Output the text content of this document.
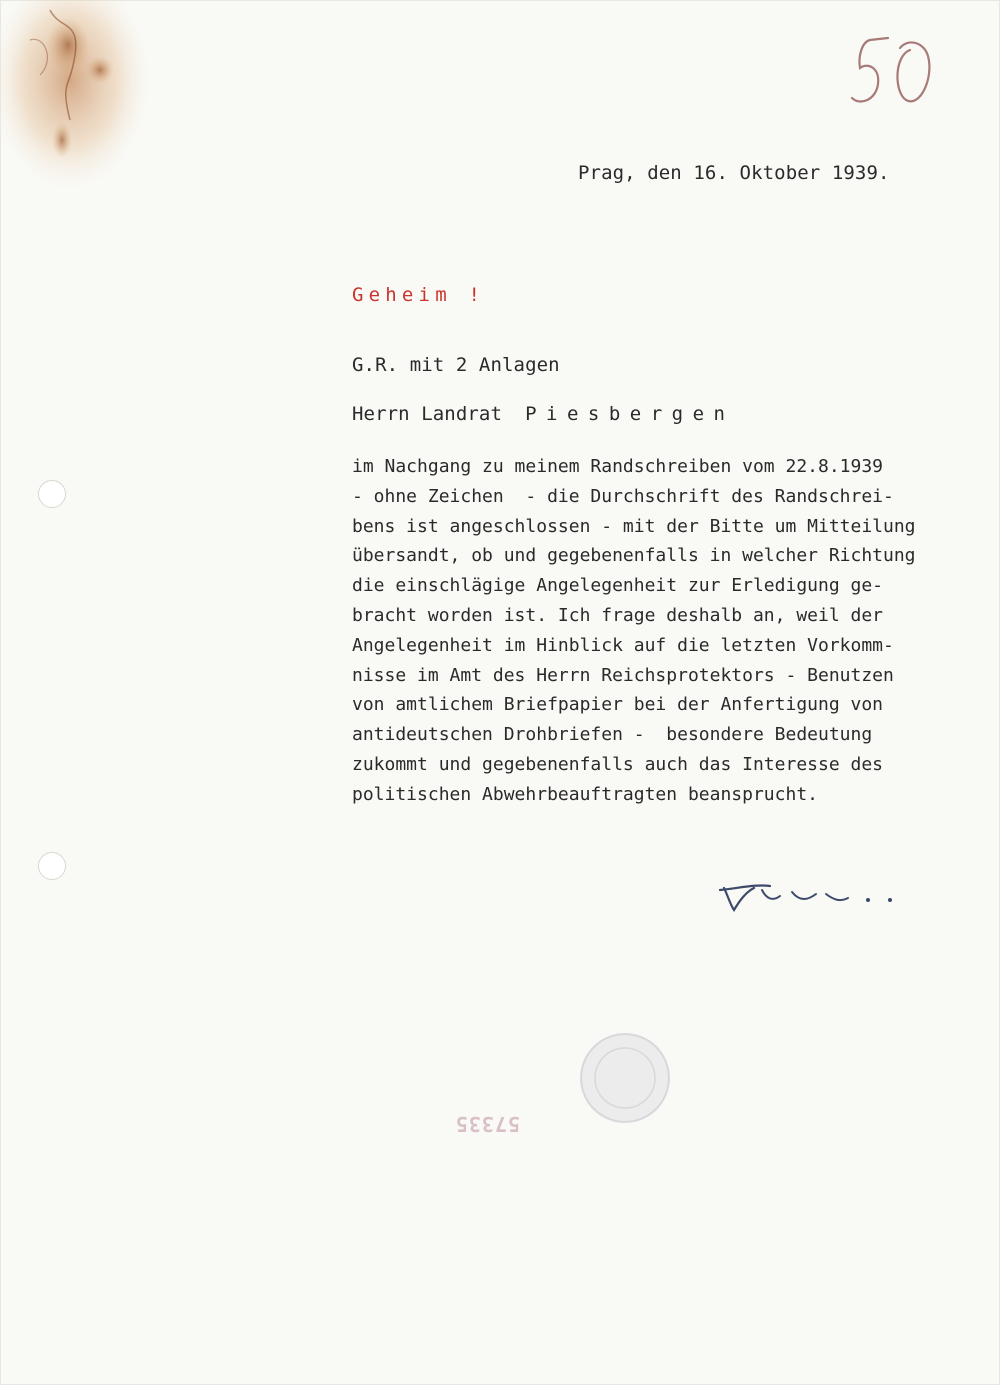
Prag, den 16. Oktober 1939.
Geheim !
G.R. mit 2 Anlagen
Herrn Landrat Piesbergen
im Nachgang zu meinem Randschreiben vom 22.8.1939
- ohne Zeichen  - die Durchschrift des Randschrei-
bens ist angeschlossen - mit der Bitte um Mitteilung
übersandt, ob und gegebenenfalls in welcher Richtung
die einschlägige Angelegenheit zur Erledigung ge-
bracht worden ist. Ich frage deshalb an, weil der
Angelegenheit im Hinblick auf die letzten Vorkomm-
nisse im Amt des Herrn Reichsprotektors - Benutzen
von amtlichem Briefpapier bei der Anfertigung von
antideutschen Drohbriefen -  besondere Bedeutung
zukommt und gegebenenfalls auch das Interesse des
politischen Abwehrbeauftragten beansprucht.
57335
